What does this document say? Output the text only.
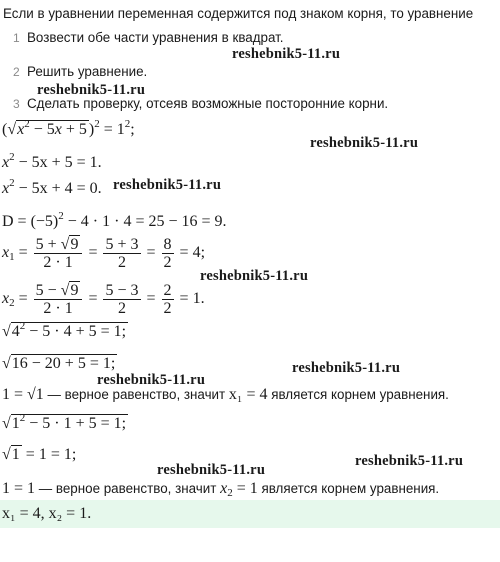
Если в уравнении переменная содержится под знаком корня, то уравнение
1 Возвести обе части уравнения в квадрат.
2 Решить уравнение.
3 Сделать проверку, отсеяв возможные посторонние корни.
reshebnik5-11.ru
reshebnik5-11.ru
reshebnik5-11.ru
reshebnik5-11.ru
reshebnik5-11.ru
reshebnik5-11.ru
reshebnik5-11.ru
reshebnik5-11.ru
reshebnik5-11.ru
($√x^2 - 5x + 5$ )$^2 = 1^2$;
$x^2 - 5x + 5 = 1$.
$x^2 - 5x + 4 = 0$.
$D = (-5)^2 - 4 \cdot 1 \cdot 4 = 25 - 16 = 9$.
$x_1 = \frac{5 + √9}{2 \cdot 1} = \frac{5 + 3}{2} = \frac{8}{2} = 4$;
$x_2 = \frac{5 - √9}{2 \cdot 1} = \frac{5 - 3}{2} = \frac{2}{2} = 1$.
$√4^2 - 5 \cdot 4 + 5 = 1$;
√16 − 20 + 5 = 1;
1 = √1 — верное равенство, значит x₁ = 4 является корнем уравнения.
$√1^2 - 5 \cdot 1 + 5 = 1$;
√1 = 1 = 1;
1 = 1 — верное равенство, значит $x_2 = 1$ является корнем уравнения.
x₁ = 4, x₂ = 1.
